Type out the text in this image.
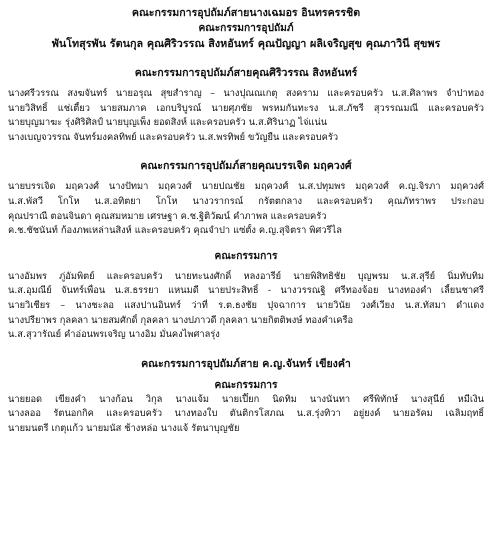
คณะกรรมการอุปถัมภ์สายนางเฉมอร อินทรครรชิต

คณะกรรมการอุปถัมภ์

พันโทสุรพัน รัตนกุล คุณศิริวรรณ สิงหอันทร์ คุณปัญญา ผลิเจริญสุข คุณภาวินี สุขพร

คณะกรรมการอุปถัมภ์สายคุณศิริวรรณ สิงหอันทร์

นางศรีวรรณ สงฆจันทร์ นายอรุณ สุขสำราญ – นางปุณณเกตุ สงคราม และครอบครัว น.ส.ศิลาพร จำปาทอง

นายวิสิทธิ์ แช่เตี้ยว นายสมภาค เอกบริบูรณ์ นายศุภชัย พรหมกันทะรง น.ส.ภัชรี สุวรรณมณี และครอบครัว

นายบุญมาฆะ รุ่งศิริศิลป์ นายบุญเพ็ง ยอดสิงห์ และครอบครัว น.ส.ศิรินาฏ ไจ่แน่น

นางเบญจวรรณ จันทร์มงคลทิพย์ และครอบครัว น.ส.พรทิพย์ ขวัญยืน และครอบครัว

คณะกรรมการอุปถัมภ์สายคุณบรรเจิด มฤควงศ์

นายบรรเจิด มฤควงศ์ นางปัทมา มฤควงศ์ นายปณชัย มฤควงศ์ น.ส.ปทุมพร มฤควงศ์ ค.ญ.จิรภา มฤควงศ์

น.ส.พัสวี โกโห น.ส.อทิตยา โกโห นางวรากรณ์ กรัตตกลาง และครอบครัว คุณภัทราพร ประกอบ

คุณปราณี ตอนจินดา คุณสมหมาย เศรษฐา ค.ช.ฐิติวัฒน์ คำภาพล และครอบครัว

ค.ช.ชัชนันท์ ก้องภพเหล่านสิงห์ และครอบครัว คุณจำปา แซ่ตั้ง ค.ญ.สุจิตรา พิศวรีไล

คณะกรรมการ

นางอัมพร ภู่อัมพิตย์ และครอบครัว นายทะนงศักดิ์ หลงอารีย์ นายพิสิทธิชัย บุญพรม น.ส.สุรีย์ นิ่มทับทิม

น.ส.อุมณีย์ จันทร์เพื่อน น.ส.ธรรยา แหนมดี นายประสิทธิ์ - นางวรรณฐิ ศรีทองจ้อย นางทองคำ เลี้ยนชาศรี

นายวิเชียร – นางชะลอ แสงปานอินทร์ ว่าที่ ร.ต.ธงชัย ปุจฉาการ นายวินัย วงศ์เวียง น.ส.ทัสมา ดำแดง

นางปรียาพร กุลคลา นายสมศักดิ์ กุลคลา นางปภาวดี กุลคลา นายกิตติพงษ์ ทองคำเครือ

น.ส.สุวารัณย์ คำอ่อนพรเจริญ นางอิม มั่นคงไพศาลรุ่ง

คณะกรรมการอุปถัมภ์สาย ค.ญ.จันทร์ เขียงคำ

คณะกรรมการ

นายยอด เขียงคำ นางก้อน วิกุล นางแจ้ม นายเปี๊ยก นิดทิม นางนันทา ศรีพิทักษ์ นางสุนีย์ หมีเงิน

นางลออ รัตนอกกิค และครอบครัว นางทองใบ ตันติกรโสภณ น.ส.รุ่งทิวา อยู่ยงค์ นายอรัคม เฉลิมฤทธิ์

นายมนตรี เกตุแก้ว นายมนัส ช้างหล่อ นางแจ้ รัตนาบุญชัย
